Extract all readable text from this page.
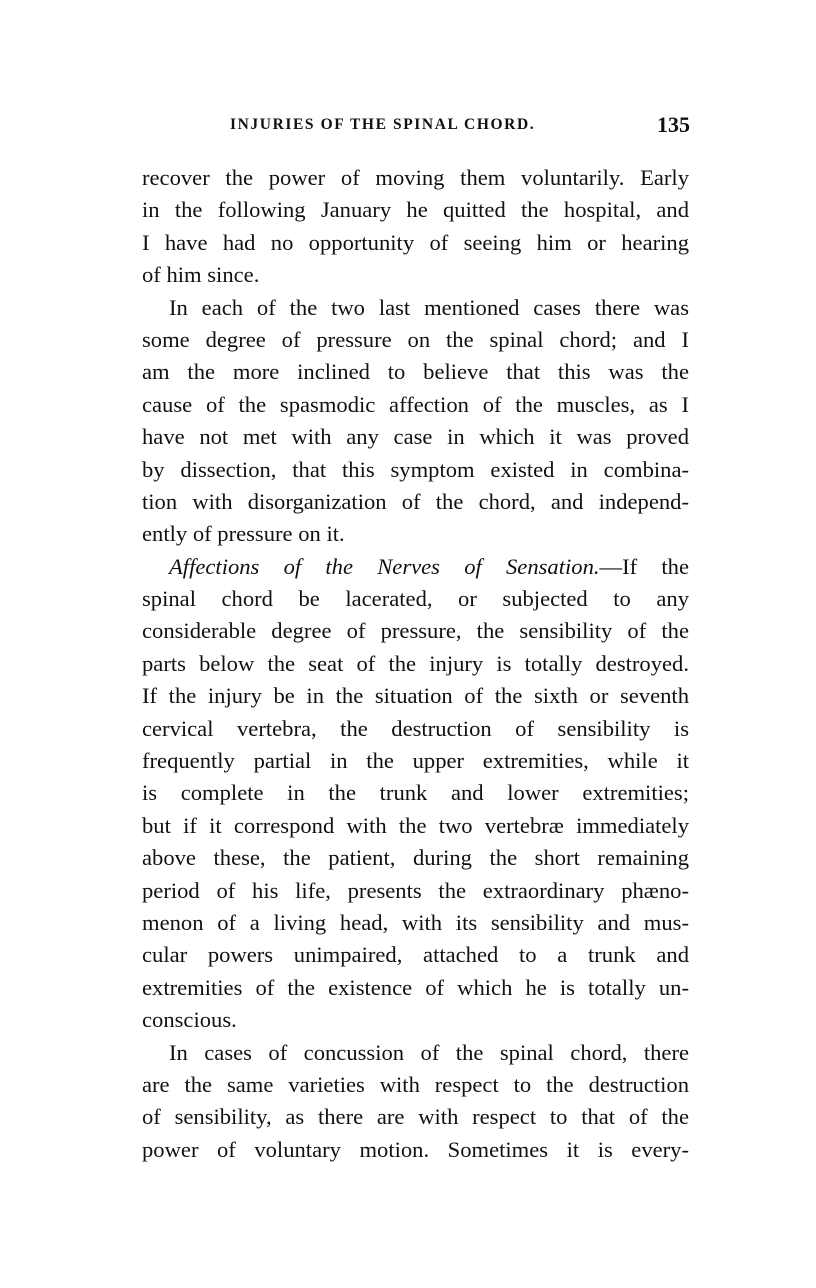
INJURIES OF THE SPINAL CHORD.	135

recover the power of moving them voluntarily. Early
in the following January he quitted the hospital, and
I have had no opportunity of seeing him or hearing
of him since.

In each of the two last mentioned cases there was
some degree of pressure on the spinal chord; and I
am the more inclined to believe that this was the
cause of the spasmodic affection of the muscles, as I
have not met with any case in which it was proved
by dissection, that this symptom existed in combina-
tion with disorganization of the chord, and independ-
ently of pressure on it.

Affections of the Nerves of Sensation.—If the
spinal chord be lacerated, or subjected to any
considerable degree of pressure, the sensibility of the
parts below the seat of the injury is totally destroyed.
If the injury be in the situation of the sixth or seventh
cervical vertebra, the destruction of sensibility is
frequently partial in the upper extremities, while it
is complete in the trunk and lower extremities;
but if it correspond with the two vertebræ immediately
above these, the patient, during the short remaining
period of his life, presents the extraordinary phæno-
menon of a living head, with its sensibility and mus-
cular powers unimpaired, attached to a trunk and
extremities of the existence of which he is totally un-
conscious.

In cases of concussion of the spinal chord, there
are the same varieties with respect to the destruction
of sensibility, as there are with respect to that of the
power of voluntary motion. Sometimes it is every-
